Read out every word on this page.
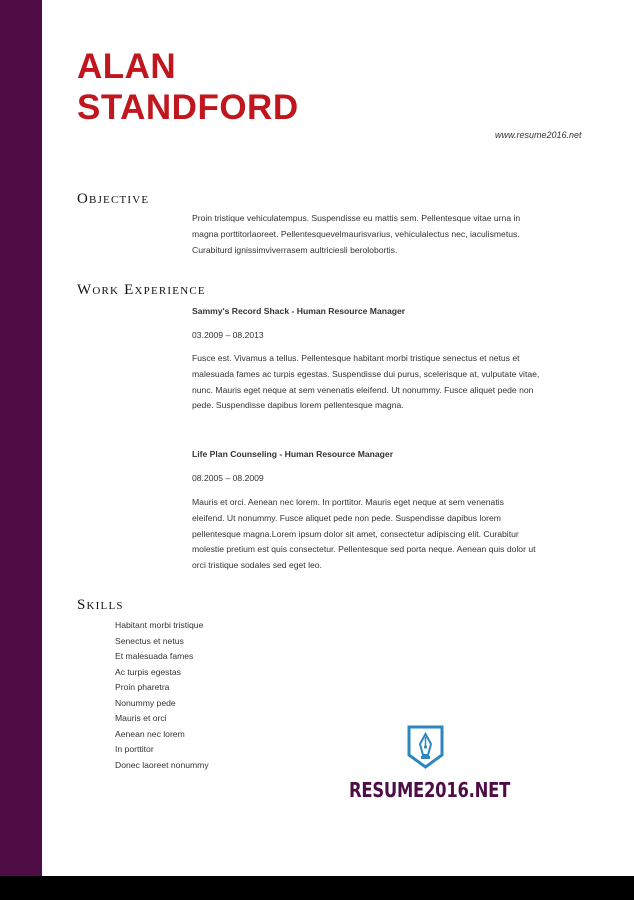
ALAN
STANDFORD
www.resume2016.net
Objective
Proin tristique vehiculatempus. Suspendisse eu mattis sem. Pellentesque vitae urna in
magna porttitorlaoreet. Pellentesquevelmaurisvarius, vehiculalectus nec, iaculismetus.
Curabiturd ignissimviverrasem aultriciesli berolobortis.
Work Experience
Sammy's Record Shack - Human Resource Manager
03.2009 – 08.2013
Fusce est. Vivamus a tellus. Pellentesque habitant morbi tristique senectus et netus et
malesuada fames ac turpis egestas. Suspendisse dui purus, scelerisque at, vulputate vitae,
nunc. Mauris eget neque at sem venenatis eleifend. Ut nonummy. Fusce aliquet pede non
pede. Suspendisse dapibus lorem pellentesque magna.
Life Plan Counseling - Human Resource Manager
08.2005 – 08.2009
Mauris et orci. Aenean nec lorem. In porttitor. Mauris eget neque at sem venenatis
eleifend. Ut nonummy. Fusce aliquet pede non pede. Suspendisse dapibus lorem
pellentesque magna.Lorem ipsum dolor sit amet, consectetur adipiscing elit. Curabitur
molestie pretium est quis consectetur. Pellentesque sed porta neque. Aenean quis dolor ut
orci tristique sodales sed eget leo.
Skills
Habitant morbi tristique
Senectus et netus
Et malesuada fames
Ac turpis egestas
Proin pharetra
Nonummy pede
Mauris et orci
Aenean nec lorem
In porttitor
Donec laoreet nonummy
RESUME2016.NET
